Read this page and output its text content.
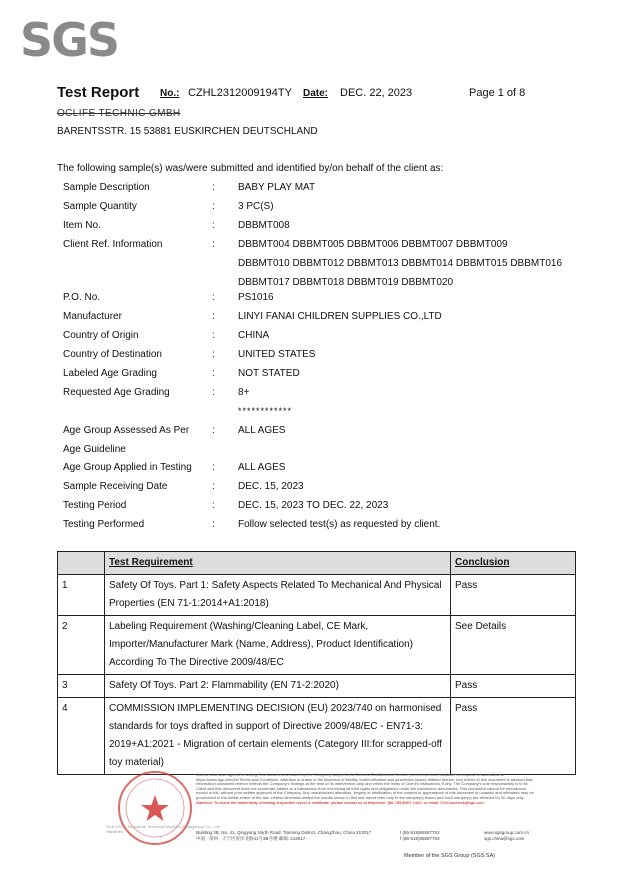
SGS
Test Report No.: CZHL2312009194TY Date: DEC. 22, 2023	Page 1 of 8
OCLIFE TECHNIC GMBH
BARENTSSTR. 15 53881 EUSKIRCHEN DEUTSCHLAND
The following sample(s) was/were submitted and identified by/on behalf of the client as:
Sample Description	: BABY PLAY MAT
Sample Quantity	: 3 PC(S)
Item No.	: DBBMT008
Client Ref. Information	: DBBMT004 DBBMT005 DBBMT006 DBBMT007 DBBMT009
DBBMT010 DBBMT012 DBBMT013 DBBMT014 DBBMT015 DBBMT016
DBBMT017 DBBMT018 DBBMT019 DBBMT020
P.O. No.	: PS1016
Manufacturer	: LINYI FANAI CHILDREN SUPPLIES CO.,LTD
Country of Origin	: CHINA
Country of Destination	: UNITED STATES
Labeled Age Grading	: NOT STATED
Requested Age Grading	: 8+
************
Age Group Assessed As Per
Age Guideline
: ALL AGES
Age Group Applied in Testing : ALL AGES
Sample Receiving Date	: DEC. 15, 2023
Testing Period	: DEC. 15, 2023 TO DEC. 22, 2023
Testing Performed	: Follow selected test(s) as requested by client.
	Test Requirement	Conclusion
1	Safety Of Toys. Part 1: Safety Aspects Related To Mechanical And Physical Properties (EN 71-1:2014+A1:2018)	Pass
2	Labeling Requirement (Washing/Cleaning Label, CE Mark, Importer/Manufacturer Mark (Name, Address), Product Identification) According To The Directive 2009/48/EC	See Details
3	Safety Of Toys. Part 2: Flammability (EN 71-2:2020)	Pass
4	COMMISSION IMPLEMENTING DECISION (EU) 2023/740 on harmonised standards for toys drafted in support of Directive 2009/48/EC - EN71-3: 2019+A1:2021 - Migration of certain elements (Category III:for scrapped-off toy material)	Pass
SGS-CSTC Standards Technical Services (Changzhou) Co., Ltd.
Hardlines
Unless otherwise agreed in writing, this document is issued by the Company subject to its General Conditions of Service printed overleaf, available on request or accessible at https://www.sgs.com/en/Terms-and-Conditions. Attention is drawn to the limitation of liability, indemnification and jurisdiction issues defined therein. Any holder of this document is advised that information contained hereon reflects the Company's findings at the time of its intervention only and within the limits of Client's instructions, if any. The Company's sole responsibility is to its Client and this document does not exonerate parties to a transaction from exercising all their rights and obligations under the transaction documents. This document cannot be reproduced except in full, without prior written approval of the Company. Any unauthorized alteration, forgery or falsification of the content or appearance of this document is unlawful and offenders may be prosecuted to the fullest extent of the law. Unless otherwise stated the results shown in this test report refer only to the sample(s) tested and such sample(s) are retained for 30 days only. Attention: To check the authenticity of testing /inspection report & certificate, please contact us at telephone: (86-755)8307 1443, or email: CN.Doccheck@sgs.com
Building 3B, No. 41, Qingyang North Road, Tianning District, Changzhou, China 213017
中国 · 常州 · 天宁区青洋北路41号3B号楼 邮编: 213017
t (86-519)85587753
f (86-519)85587753
www.sgsgroup.com.cn
sgs.china@sgs.com
Member of the SGS Group (SGS SA)
